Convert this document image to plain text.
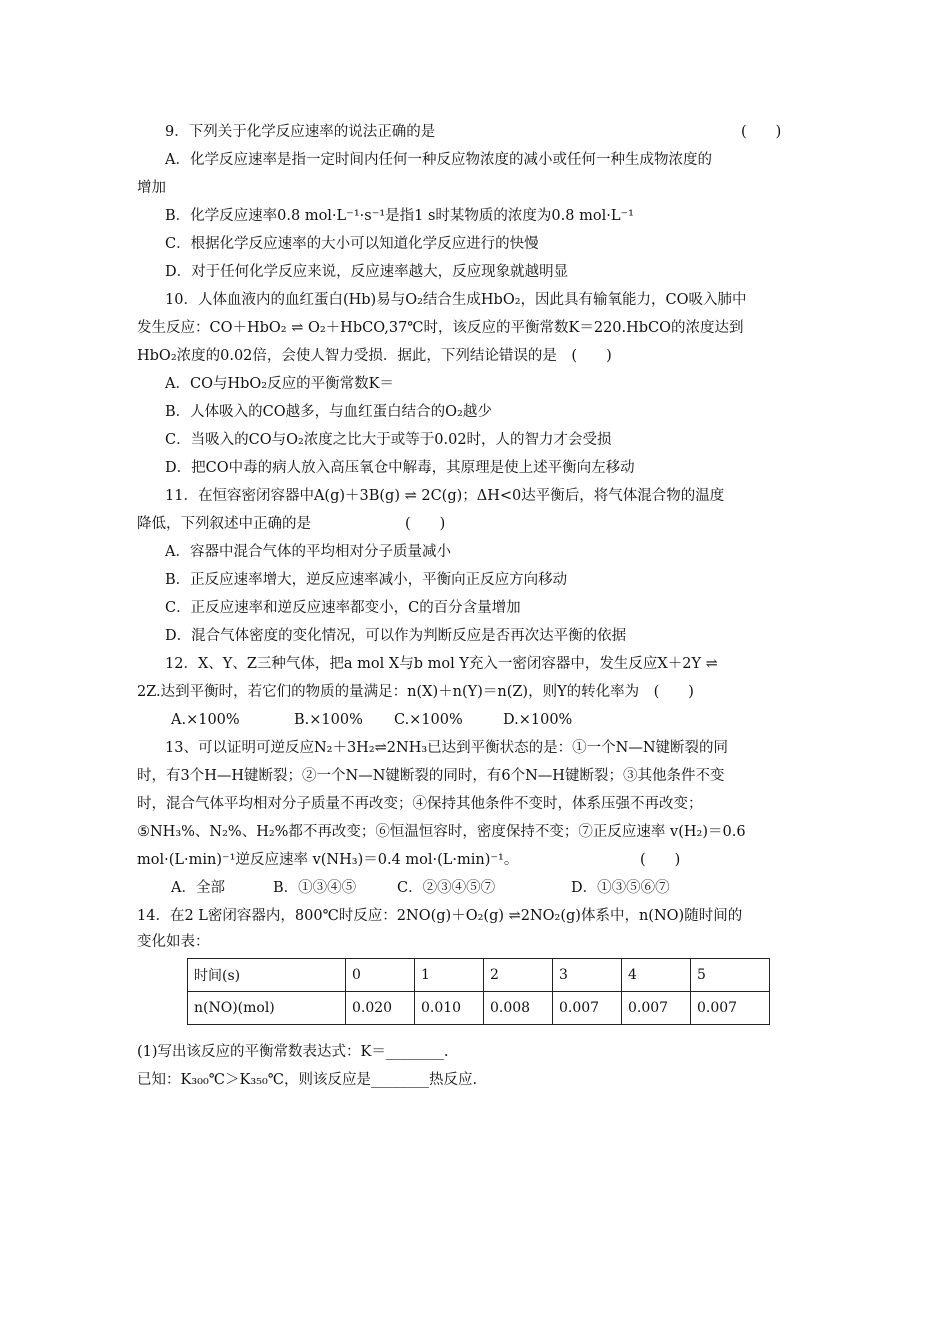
9．下列关于化学反应速率的说法正确的是	(　　)
A．化学反应速率是指一定时间内任何一种反应物浓度的减小或任何一种生成物浓度的
增加
B．化学反应速率0.8 mol·L⁻¹·s⁻¹是指1 s时某物质的浓度为0.8 mol·L⁻¹
C．根据化学反应速率的大小可以知道化学反应进行的快慢
D．对于任何化学反应来说，反应速率越大，反应现象就越明显
10．人体血液内的血红蛋白(Hb)易与O₂结合生成HbO₂，因此具有输氧能力，CO吸入肺中
发生反应：CO＋HbO₂ ⇌ O₂＋HbCO,37℃时，该反应的平衡常数K＝220.HbCO的浓度达到
HbO₂浓度的0.02倍，会使人智力受损．据此，下列结论错误的是　(　　)
A．CO与HbO₂反应的平衡常数K＝
B．人体吸入的CO越多，与血红蛋白结合的O₂越少
C．当吸入的CO与O₂浓度之比大于或等于0.02时，人的智力才会受损
D．把CO中毒的病人放入高压氧仓中解毒，其原理是使上述平衡向左移动
11．在恒容密闭容器中A(g)＋3B(g) ⇌ 2C(g)；ΔH<0达平衡后，将气体混合物的温度
降低，下列叙述中正确的是	(　　)
A．容器中混合气体的平均相对分子质量减小
B．正反应速率增大，逆反应速率减小，平衡向正反应方向移动
C．正反应速率和逆反应速率都变小，C的百分含量增加
D．混合气体密度的变化情况，可以作为判断反应是否再次达平衡的依据
12．X、Y、Z三种气体，把a mol X与b mol Y充入一密闭容器中，发生反应X＋2Y ⇌
2Z.达到平衡时，若它们的物质的量满足：n(X)＋n(Y)＝n(Z)，则Y的转化率为　(　　)
A.×100%	B.×100% C.×100%	D.×100%
13、可以证明可逆反应N₂＋3H₂⇌2NH₃已达到平衡状态的是：①一个N—N键断裂的同
时，有3个H—H键断裂；②一个N—N键断裂的同时，有6个N—H键断裂；③其他条件不变
时，混合气体平均相对分子质量不再改变；④保持其他条件不变时，体系压强不再改变；
⑤NH₃%、N₂%、H₂%都不再改变；⑥恒温恒容时，密度保持不变；⑦正反应速率 v(H₂)＝0.6
mol·(L·min)⁻¹逆反应速率 v(NH₃)＝0.4 mol·(L·min)⁻¹。	(　　)
A．全部	B．①③④⑤	C．②③④⑤⑦	D．①③⑤⑥⑦
14．在2 L密闭容器内，800℃时反应：2NO(g)＋O₂(g) ⇌2NO₂(g)体系中，n(NO)随时间的
变化如表：
时间(s)	0	1	2	3	4	5
n(NO)(mol)	0.020	0.010	0.008	0.007	0.007	0.007
(1)写出该反应的平衡常数表达式：K＝________.
已知：K₃₀₀℃＞K₃₅₀℃，则该反应是________热反应.
